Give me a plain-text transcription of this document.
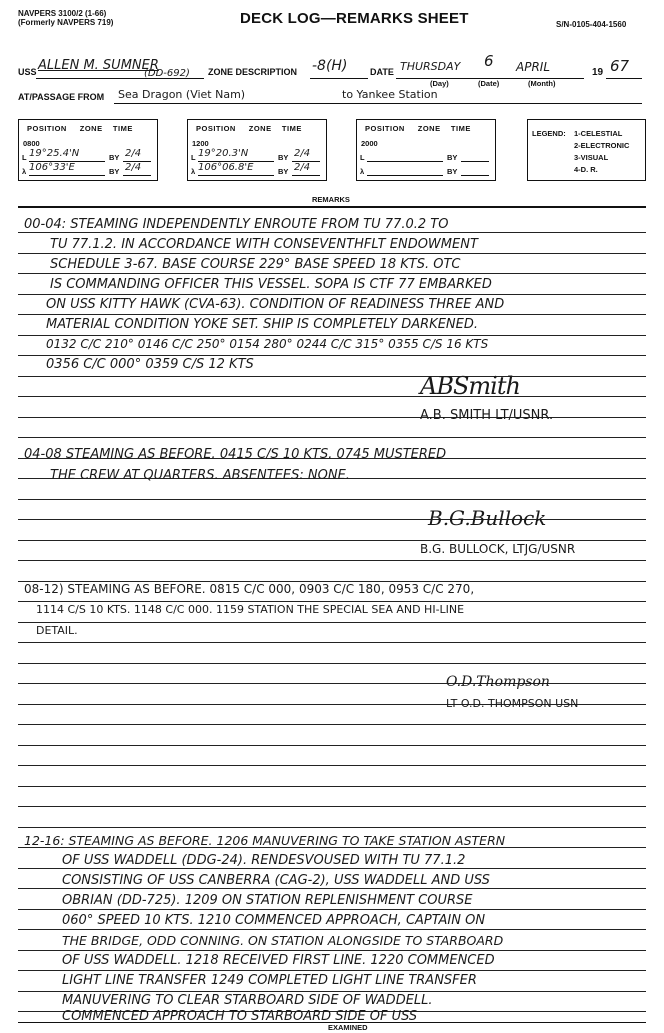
NAVPERS 3100/2 (1-66)
(Formerly NAVPERS 719)	DECK LOG—REMARKS SHEET	S/N-0105-404-1560
USS ALLEN M. SUMNER
(DD-692) ZONE DESCRIPTION -8(H)	DATE THURSDAY 6 APRIL	19 67
(Day)	(Date)	(Month)
AT/PASSAGE FROM Sea Dragon (Viet Nam)	to Yankee Station
POSITION     ZONE    TIME
0800
L 19°25.4'N	BY 2/4
λ 106°33'E	BY 2/4
POSITION     ZONE    TIME
1200
L 19°20.3'N	BY 2/4
λ 106°06.8'E	BY 2/4
POSITION     ZONE    TIME
2000
L	BY
λ	BY
LEGEND: 1-CELESTIAL
2-ELECTRONIC
3-VISUAL
4-D. R.
REMARKS
00-04: STEAMING INDEPENDENTLY ENROUTE FROM TU 77.0.2 TO
TU 77.1.2. IN ACCORDANCE WITH CONSEVENTHFLT ENDOWMENT
SCHEDULE 3-67. BASE COURSE 229° BASE SPEED 18 KTS. OTC
IS COMMANDING OFFICER THIS VESSEL. SOPA IS CTF 77 EMBARKED
ON USS KITTY HAWK (CVA-63). CONDITION OF READINESS THREE AND
MATERIAL CONDITION YOKE SET. SHIP IS COMPLETELY DARKENED.
0132 C/C 210° 0146 C/C 250° 0154 280° 0244 C/C 315° 0355 C/S 16 KTS
0356 C/C 000° 0359 C/S 12 KTS
ABSmith
A.B. SMITH LT/USNR.
04-08 STEAMING AS BEFORE. 0415 C/S 10 KTS. 0745 MUSTERED
THE CREW AT QUARTERS. ABSENTEES: NONE.
B.G.Bullock
B.G. BULLOCK, LTJG/USNR
08-12) STEAMING AS BEFORE. 0815 C/C 000, 0903 C/C 180, 0953 C/C 270,
1114 C/S 10 KTS. 1148 C/C 000. 1159 STATION THE SPECIAL SEA AND HI-LINE
DETAIL.
O.D.Thompson
LT O.D. THOMPSON USN
12-16: STEAMING AS BEFORE. 1206 MANUVERING TO TAKE STATION ASTERN
OF USS WADDELL (DDG-24). RENDESVOUSED WITH TU 77.1.2
CONSISTING OF USS CANBERRA (CAG-2), USS WADDELL AND USS
OBRIAN (DD-725). 1209 ON STATION REPLENISHMENT COURSE
060° SPEED 10 KTS. 1210 COMMENCED APPROACH, CAPTAIN ON
THE BRIDGE, ODD CONNING. ON STATION ALONGSIDE TO STARBOARD
OF USS WADDELL. 1218 RECEIVED FIRST LINE. 1220 COMMENCED
LIGHT LINE TRANSFER 1249 COMPLETED LIGHT LINE TRANSFER
MANUVERING TO CLEAR STARBOARD SIDE OF WADDELL.
COMMENCED APPROACH TO STARBOARD SIDE OF USS
EXAMINED
